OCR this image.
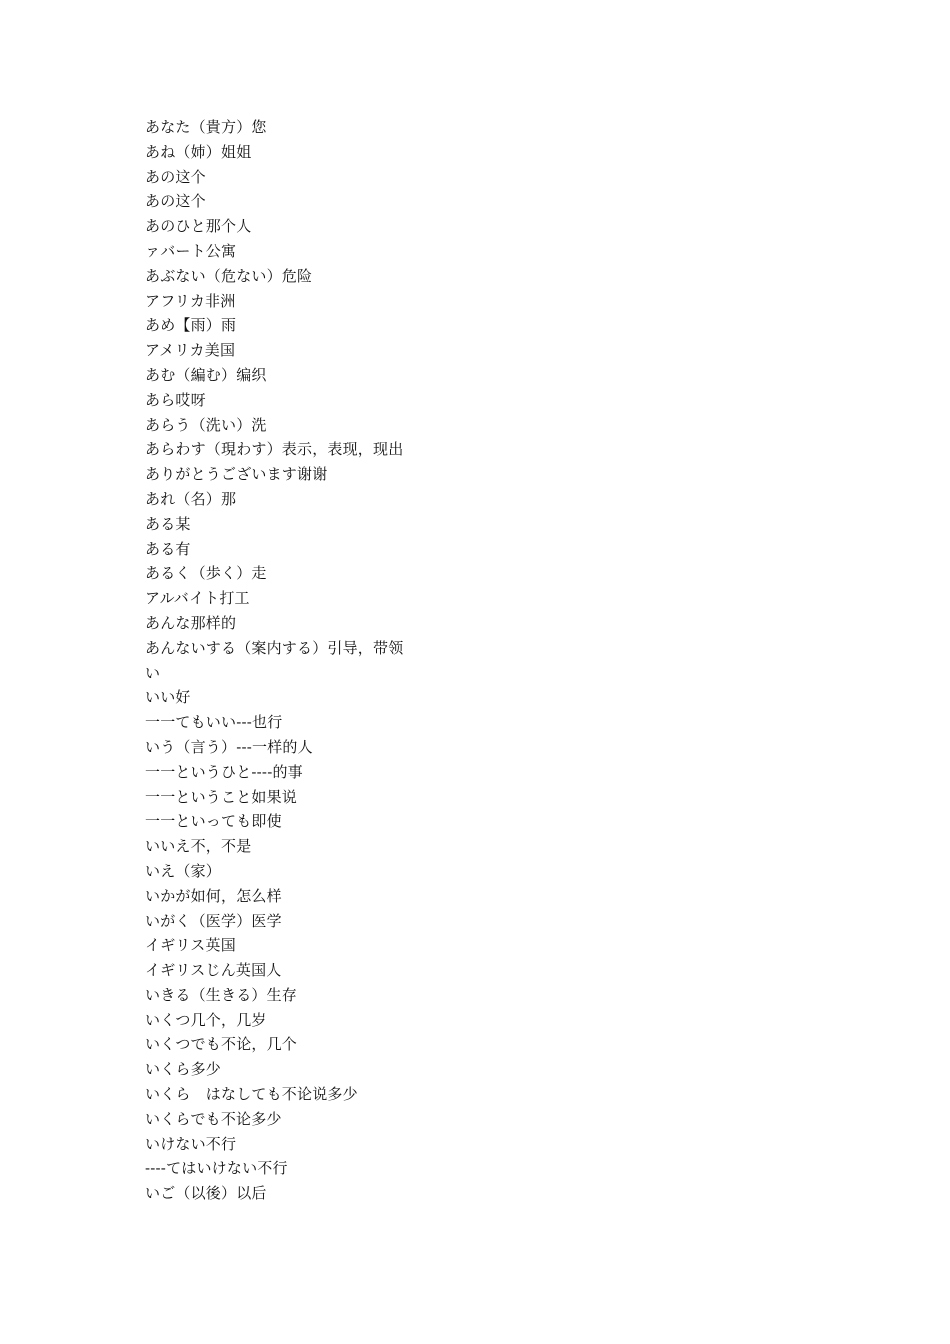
あなた（貴方）您
あね（姉）姐姐
あの这个
あの这个
あのひと那个人
ァバート公寓
あぶない（危ない）危险
アフリカ非洲
あめ【雨）雨
アメリカ美国
あむ（編む）编织
あら哎呀
あらう（洗い）洗
あらわす（現わす）表示，表现，现出
ありがとうございます谢谢
あれ（名）那
ある某
ある有
あるく（歩く）走
アルバイト打工
あんな那样的
あんないする（案内する）引导，带领
い
いい好
一一てもいい---也行
いう（言う）---一样的人
一一というひと----的事
一一ということ如果说
一一といっても即使
いいえ不，不是
いえ（家）
いかが如何，怎么样
いがく（医学）医学
イギリス英国
イギリスじん英国人
いきる（生きる）生存
いくつ几个，几岁
いくつでも不论，几个
いくら多少
いくら　はなしても不论说多少
いくらでも不论多少
いけない不行
----てはいけない不行
いご（以後）以后
